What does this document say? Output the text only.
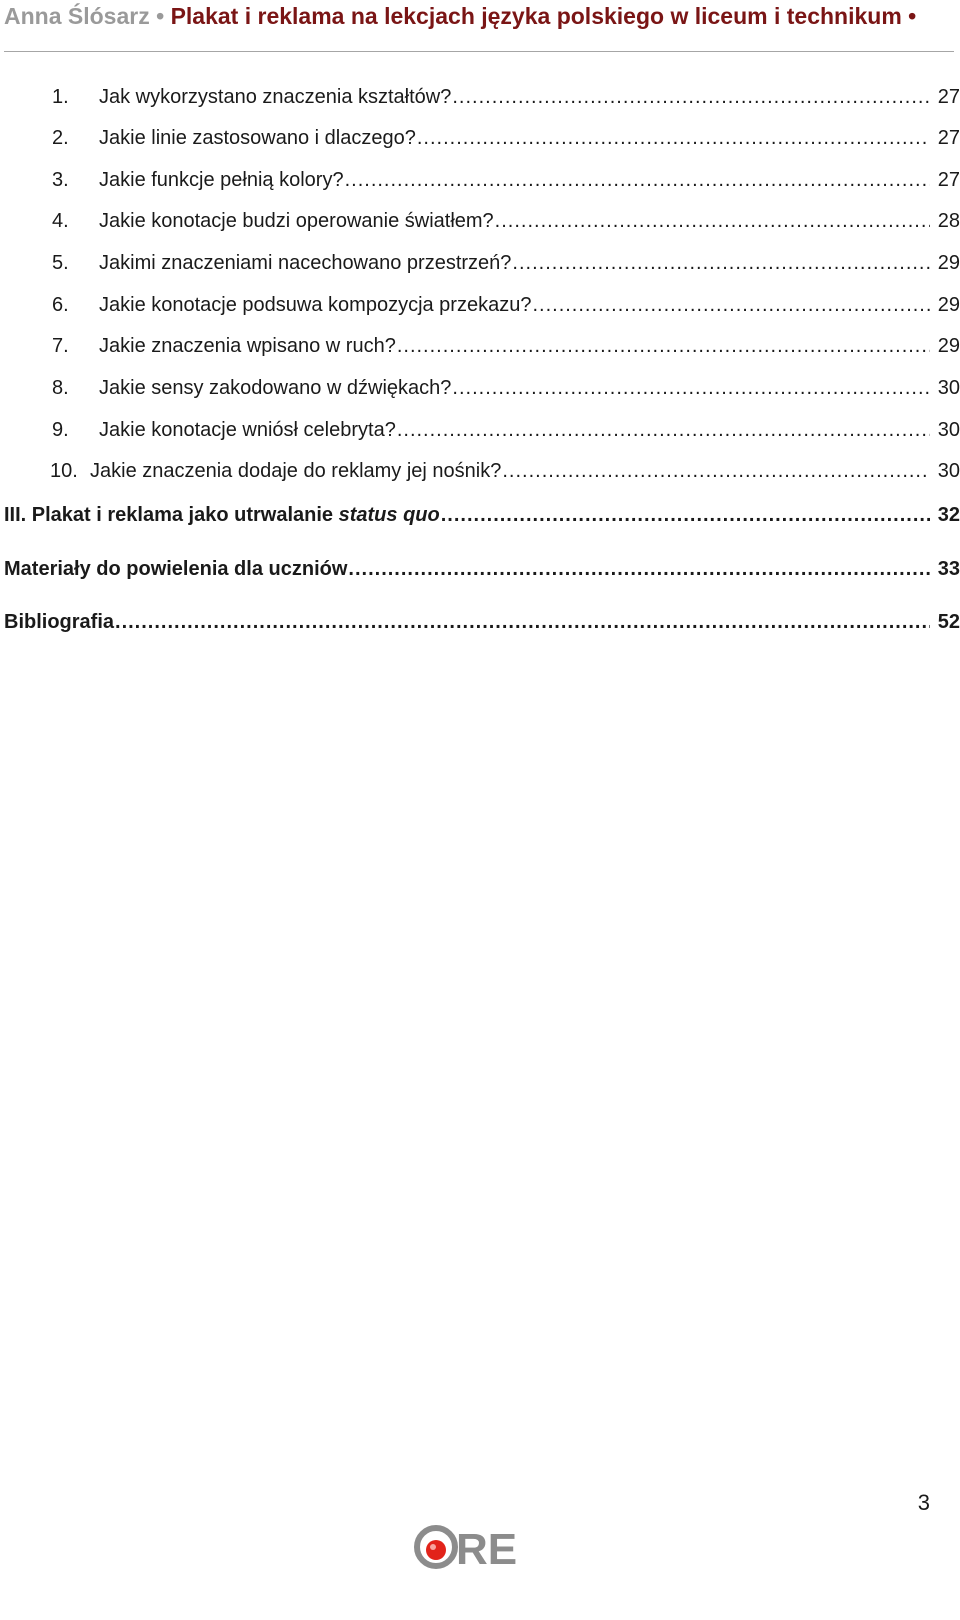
Anna Ślósarz • Plakat i reklama na lekcjach języka polskiego w liceum i technikum •
1.	Jak wykorzystano znaczenia kształtów? .....	27
2.	Jakie linie zastosowano i dlaczego? .....	27
3.	Jakie funkcje pełnią kolory? .....	27
4.	Jakie konotacje budzi operowanie światłem? .....	28
5.	Jakimi znaczeniami nacechowano przestrzeń? .....	29
6.	Jakie konotacje podsuwa kompozycja przekazu? .....	29
7.	Jakie znaczenia wpisano w ruch? .....	29
8.	Jakie sensy zakodowano w dźwiękach? .....	30
9.	Jakie konotacje wniósł celebryta? .....	30
10. Jakie znaczenia dodaje do reklamy jej nośnik? .....	30
III. Plakat i reklama jako utrwalanie status quo .....	32
Materiały do powielenia dla uczniów .....	33
Bibliografia .....	52
3
RE
